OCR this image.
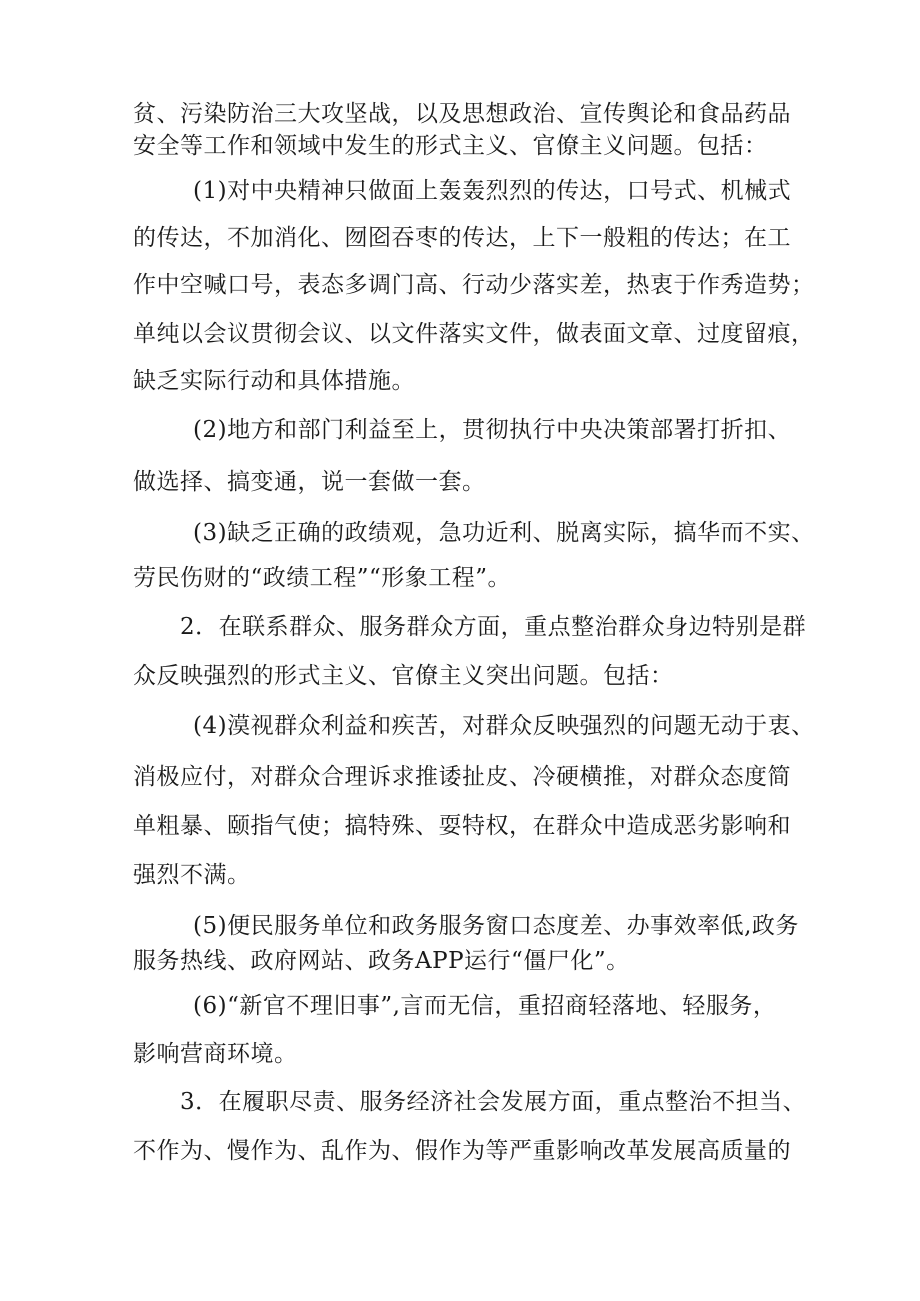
贫、污染防治三大攻坚战，以及思想政治、宣传舆论和食品药品
安全等工作和领域中发生的形式主义、官僚主义问题。包括：
(1)对中央精神只做面上轰轰烈烈的传达，口号式、机械式
的传达，不加消化、囫囵吞枣的传达，上下一般粗的传达；在工
作中空喊口号，表态多调门高、行动少落实差，热衷于作秀造势；
单纯以会议贯彻会议、以文件落实文件，做表面文章、过度留痕，
缺乏实际行动和具体措施。
(2)地方和部门利益至上，贯彻执行中央决策部署打折扣、
做选择、搞变通，说一套做一套。
(3)缺乏正确的政绩观，急功近利、脱离实际，搞华而不实、
劳民伤财的“政绩工程”“形象工程”。
2．在联系群众、服务群众方面，重点整治群众身边特别是群
众反映强烈的形式主义、官僚主义突出问题。包括：
(4)漠视群众利益和疾苦，对群众反映强烈的问题无动于衷、
消极应付，对群众合理诉求推诿扯皮、冷硬横推，对群众态度简
单粗暴、颐指气使；搞特殊、耍特权，在群众中造成恶劣影响和
强烈不满。
(5)便民服务单位和政务服务窗口态度差、办事效率低,政务
服务热线、政府网站、政务APP运行“僵尸化”。
(6)“新官不理旧事”,言而无信，重招商轻落地、轻服务，
影响营商环境。
3．在履职尽责、服务经济社会发展方面，重点整治不担当、
不作为、慢作为、乱作为、假作为等严重影响改革发展高质量的
